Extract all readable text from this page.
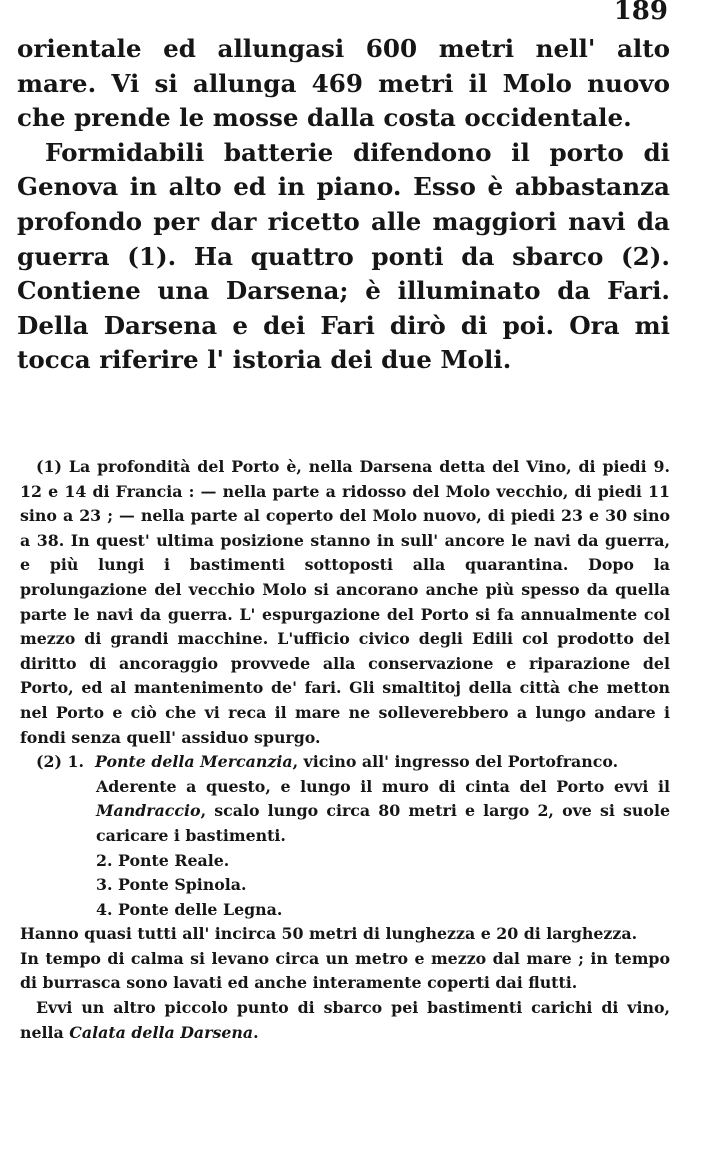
189

orientale ed allungasi 600 metri nell' alto mare. Vi si allunga 469 metri il Molo nuovo che prende le mosse dalla costa occidentale.

Formidabili batterie difendono il porto di Genova in alto ed in piano. Esso è abbastanza profondo per dar ricetto alle maggiori navi da guerra (1). Ha quattro ponti da sbarco (2). Contiene una Darsena; è illuminato da Fari. Della Darsena e dei Fari dirò di poi. Ora mi tocca riferire l' istoria dei due Moli.

(1) La profondità del Porto è, nella Darsena detta del Vino, di piedi 9. 12 e 14 di Francia : — nella parte a ridosso del Molo vecchio, di piedi 11 sino a 23 ; — nella parte al coperto del Molo nuovo, di piedi 23 e 30 sino a 38. In quest' ultima posizione stanno in sull' ancore le navi da guerra, e più lungi i bastimenti sottoposti alla quarantina. Dopo la prolungazione del vecchio Molo si ancorano anche più spesso da quella parte le navi da guerra. L' espurgazione del Porto si fa annualmente col mezzo di grandi macchine. L'ufficio civico degli Edili col prodotto del diritto di ancoraggio provvede alla conservazione e riparazione del Porto, ed al mantenimento de' fari. Gli smaltitoj della città che metton nel Porto e ciò che vi reca il mare ne solleverebbero a lungo andare i fondi senza quell' assiduo spurgo.

(2) 1. Ponte della Mercanzia, vicino all' ingresso del Portofranco.

Aderente a questo, e lungo il muro di cinta del Porto evvi il Mandraccio, scalo lungo circa 80 metri e largo 2, ove si suole caricare i bastimenti.

2. Ponte Reale.

3. Ponte Spinola.

4. Ponte delle Legna.

Hanno quasi tutti all' incirca 50 metri di lunghezza e 20 di larghezza.

In tempo di calma si levano circa un metro e mezzo dal mare ; in tempo di burrasca sono lavati ed anche interamente coperti dai flutti.

Evvi un altro piccolo punto di sbarco pei bastimenti carichi di vino, nella Calata della Darsena.
